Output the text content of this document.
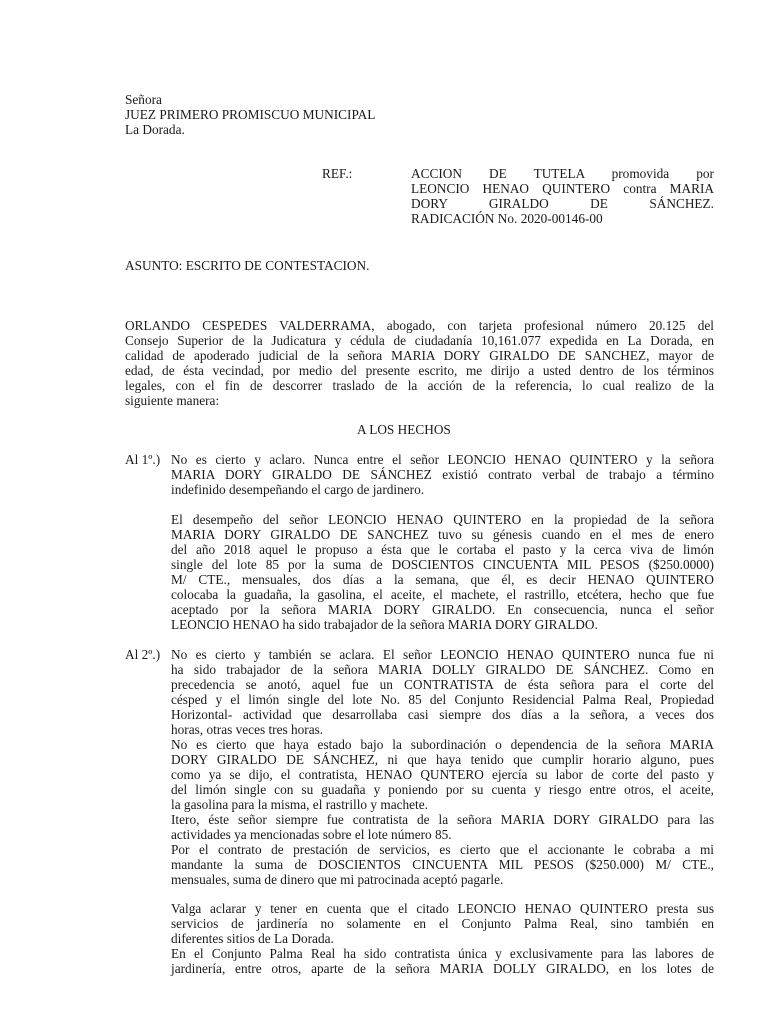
Señora
JUEZ PRIMERO PROMISCUO MUNICIPAL
La Dorada.
REF.:	ACCION DE TUTELA promovida por
LEONCIO HENAO QUINTERO contra MARIA
DORY GIRALDO DE SÁNCHEZ.
RADICACIÓN No. 2020-00146-00
ASUNTO: ESCRITO DE CONTESTACION.
ORLANDO CESPEDES VALDERRAMA, abogado, con tarjeta profesional número 20.125 del
Consejo Superior de la Judicatura y cédula de ciudadanía 10,161.077 expedida en La Dorada, en
calidad de apoderado judicial de la señora MARIA DORY GIRALDO DE SANCHEZ, mayor de
edad, de ésta vecindad, por medio del presente escrito, me dirijo a usted dentro de los términos
legales, con el fin de descorrer traslado de la acción de la referencia, lo cual realizo de la
siguiente manera:
A LOS HECHOS
Al 1º.) No es cierto y aclaro. Nunca entre el señor LEONCIO HENAO QUINTERO y la señora
MARIA DORY GIRALDO DE SÁNCHEZ existió contrato verbal de trabajo a término
indefinido desempeñando el cargo de jardinero.
El desempeño del señor LEONCIO HENAO QUINTERO en la propiedad de la señora
MARIA DORY GIRALDO DE SANCHEZ tuvo su génesis cuando en el mes de enero
del año 2018 aquel le propuso a ésta que le cortaba el pasto y la cerca viva de limón
single del lote 85 por la suma de DOSCIENTOS CINCUENTA MIL PESOS ($250.0000)
M/ CTE., mensuales, dos días a la semana, que él, es decir HENAO QUINTERO
colocaba la guadaña, la gasolina, el aceite, el machete, el rastrillo, etcétera, hecho que fue
aceptado por la señora MARIA DORY GIRALDO. En consecuencia, nunca el señor
LEONCIO HENAO ha sido trabajador de la señora MARIA DORY GIRALDO.
Al 2º.) No es cierto y también se aclara. El señor LEONCIO HENAO QUINTERO nunca fue ni
ha sido trabajador de la señora MARIA DOLLY GIRALDO DE SÁNCHEZ. Como en
precedencia se anotó, aquel fue un CONTRATISTA de ésta señora para el corte del
césped y el limón single del lote No. 85 del Conjunto Residencial Palma Real, Propiedad
Horizontal- actividad que desarrollaba casi siempre dos días a la señora, a veces dos
horas, otras veces tres horas.
No es cierto que haya estado bajo la subordinación o dependencia de la señora MARIA
DORY GIRALDO DE SÁNCHEZ, ni que haya tenido que cumplir horario alguno, pues
como ya se dijo, el contratista, HENAO QUNTERO ejercía su labor de corte del pasto y
del limón single con su guadaña y poniendo por su cuenta y riesgo entre otros, el aceite,
la gasolina para la misma, el rastrillo y machete.
Itero, éste señor siempre fue contratista de la señora MARIA DORY GIRALDO para las
actividades ya mencionadas sobre el lote número 85.
Por el contrato de prestación de servicios, es cierto que el accionante le cobraba a mi
mandante la suma de DOSCIENTOS CINCUENTA MIL PESOS ($250.000) M/ CTE.,
mensuales, suma de dinero que mi patrocinada aceptó pagarle.
Valga aclarar y tener en cuenta que el citado LEONCIO HENAO QUINTERO presta sus
servicios de jardinería no solamente en el Conjunto Palma Real, sino también en
diferentes sitios de La Dorada.
En el Conjunto Palma Real ha sido contratista única y exclusivamente para las labores de
jardinería, entre otros, aparte de la señora MARIA DOLLY GIRALDO, en los lotes de
